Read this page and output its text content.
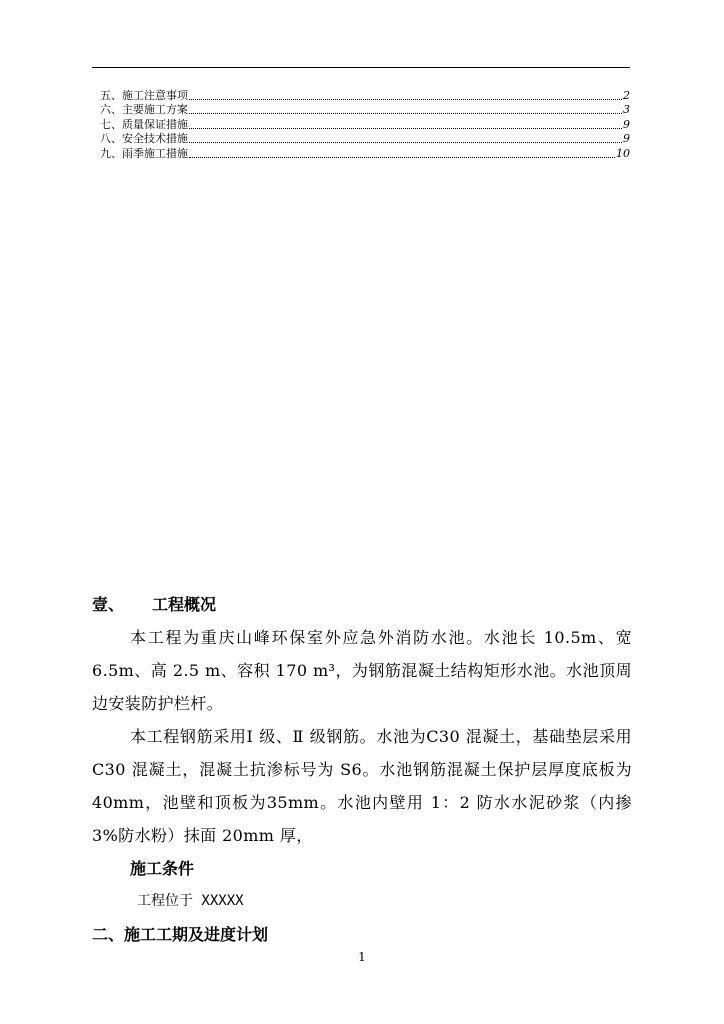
五、施工注意事项	2
六、主要施工方案	3
七、质量保证措施	9
八、安全技术措施	9
九、雨季施工措施	10
壹、 工程概况
本工程为重庆山峰环保室外应急外消防水池。水池长 10.5m、宽6.5m、高 2.5 m、容积 170 m³，为钢筋混凝土结构矩形水池。水池顶周边安装防护栏杆。
本工程钢筋采用Ⅰ 级、Ⅱ 级钢筋。水池为C30 混凝土，基础垫层采用C30 混凝土，混凝土抗渗标号为 S6。水池钢筋混凝土保护层厚度底板为40mm，池壁和顶板为35mm。水池内壁用 1：2 防水水泥砂浆（内掺 3%防水粉）抹面 20mm 厚，
施工条件
工程位于 XXXXX
二、施工工期及进度计划
1
